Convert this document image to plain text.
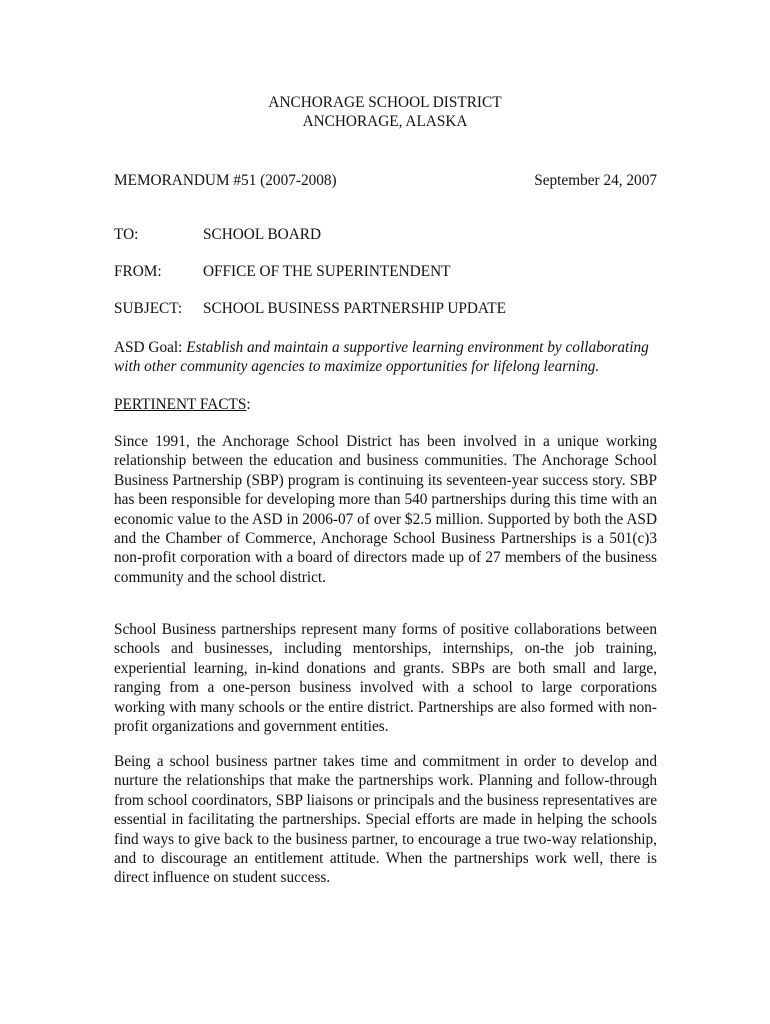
ANCHORAGE SCHOOL DISTRICT
ANCHORAGE, ALASKA
MEMORANDUM #51 (2007-2008)	September 24, 2007
TO:	SCHOOL BOARD
FROM:	OFFICE OF THE SUPERINTENDENT
SUBJECT: SCHOOL BUSINESS PARTNERSHIP UPDATE
ASD Goal: Establish and maintain a supportive learning environment by collaborating with other community agencies to maximize opportunities for lifelong learning.
PERTINENT FACTS:

Since 1991, the Anchorage School District has been involved in a unique working relationship between the education and business communities. The Anchorage School Business Partnership (SBP) program is continuing its seventeen-year success story. SBP has been responsible for developing more than 540 partnerships during this time with an economic value to the ASD in 2006-07 of over $2.5 million. Supported by both the ASD and the Chamber of Commerce, Anchorage School Business Partnerships is a 501(c)3 non-profit corporation with a board of directors made up of 27 members of the business community and the school district.

School Business partnerships represent many forms of positive collaborations between schools and businesses, including mentorships, internships, on-the job training, experiential learning, in-kind donations and grants. SBPs are both small and large, ranging from a one-person business involved with a school to large corporations working with many schools or the entire district. Partnerships are also formed with non-profit organizations and government entities.

Being a school business partner takes time and commitment in order to develop and nurture the relationships that make the partnerships work. Planning and follow-through from school coordinators, SBP liaisons or principals and the business representatives are essential in facilitating the partnerships. Special efforts are made in helping the schools find ways to give back to the business partner, to encourage a true two-way relationship, and to discourage an entitlement attitude. When the partnerships work well, there is direct influence on student success.
